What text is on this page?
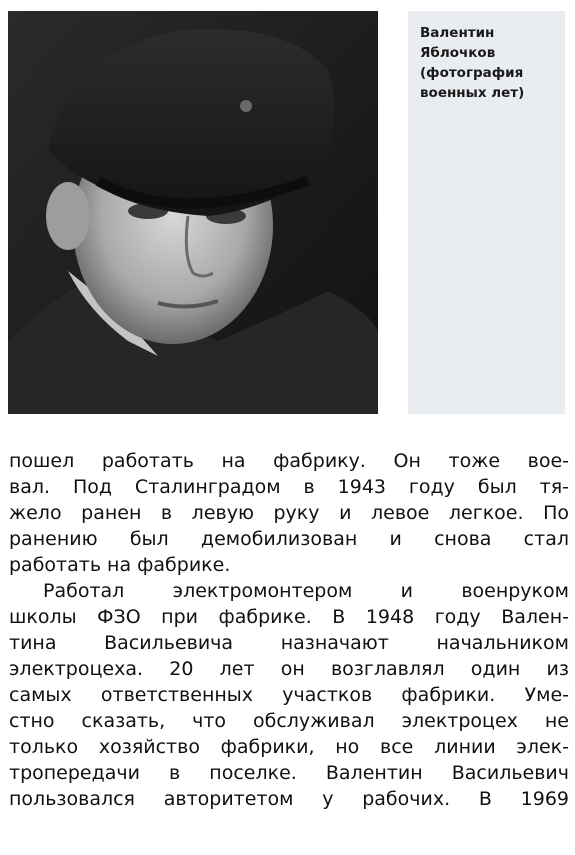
Валентин
Яблочков
(фотография
военных лет)

пошел работать на фабрику. Он тоже вое-
вал. Под Сталинградом в 1943 году был тя-
жело ранен в левую руку и левое легкое. По
ранению был демобилизован и снова стал
работать на фабрике.

Работал электромонтером и военруком
школы ФЗО при фабрике. В 1948 году Вален-
тина Васильевича назначают начальником
электроцеха. 20 лет он возглавлял один из
самых ответственных участков фабрики. Уме-
стно сказать, что обслуживал электроцех не
только хозяйство фабрики, но все линии элек-
тропередачи в поселке. Валентин Васильевич
пользовался авторитетом у рабочих. В 1969
